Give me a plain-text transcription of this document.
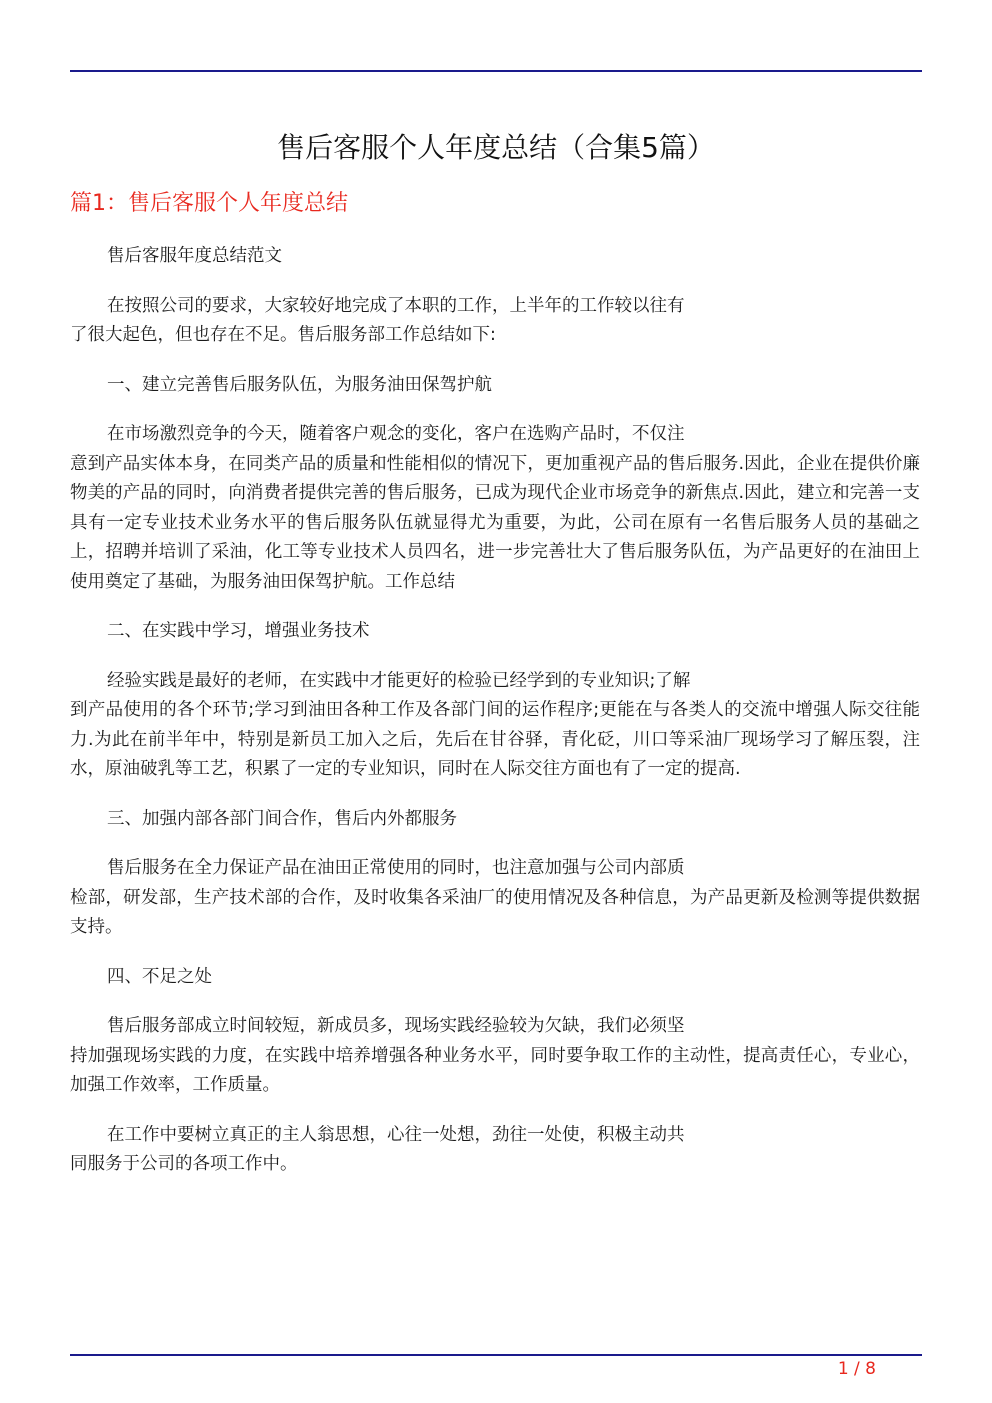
售后客服个人年度总结（合集5篇）
篇1：售后客服个人年度总结

售后客服年度总结范文

在按照公司的要求，大家较好地完成了本职的工作，上半年的工作较以往有
了很大起色，但也存在不足。售后服务部工作总结如下:

一、建立完善售后服务队伍，为服务油田保驾护航

在市场激烈竞争的今天，随着客户观念的变化，客户在选购产品时，不仅注
意到产品实体本身，在同类产品的质量和性能相似的情况下，更加重视产品的售后服务.因此，企业在提供价廉物美的产品的同时，向消费者提供完善的售后服务，已成为现代企业市场竞争的新焦点.因此，建立和完善一支具有一定专业技术业务水平的售后服务队伍就显得尤为重要，为此，公司在原有一名售后服务人员的基础之上，招聘并培训了采油，化工等专业技术人员四名，进一步完善壮大了售后服务队伍，为产品更好的在油田上使用奠定了基础，为服务油田保驾护航。工作总结

二、在实践中学习，增强业务技术

经验实践是最好的老师，在实践中才能更好的检验已经学到的专业知识;了解
到产品使用的各个环节;学习到油田各种工作及各部门间的运作程序;更能在与各类人的交流中增强人际交往能力.为此在前半年中，特别是新员工加入之后，先后在甘谷驿，青化砭，川口等采油厂现场学习了解压裂，注水，原油破乳等工艺，积累了一定的专业知识，同时在人际交往方面也有了一定的提高.

三、加强内部各部门间合作，售后内外都服务

售后服务在全力保证产品在油田正常使用的同时，也注意加强与公司内部质
检部，研发部，生产技术部的合作，及时收集各采油厂的使用情况及各种信息，为产品更新及检测等提供数据支持。

四、不足之处

售后服务部成立时间较短，新成员多，现场实践经验较为欠缺，我们必须坚
持加强现场实践的力度，在实践中培养增强各种业务水平，同时要争取工作的主动性，提高责任心，专业心，加强工作效率，工作质量。

在工作中要树立真正的主人翁思想，心往一处想，劲往一处使，积极主动共
同服务于公司的各项工作中。

1 / 8
